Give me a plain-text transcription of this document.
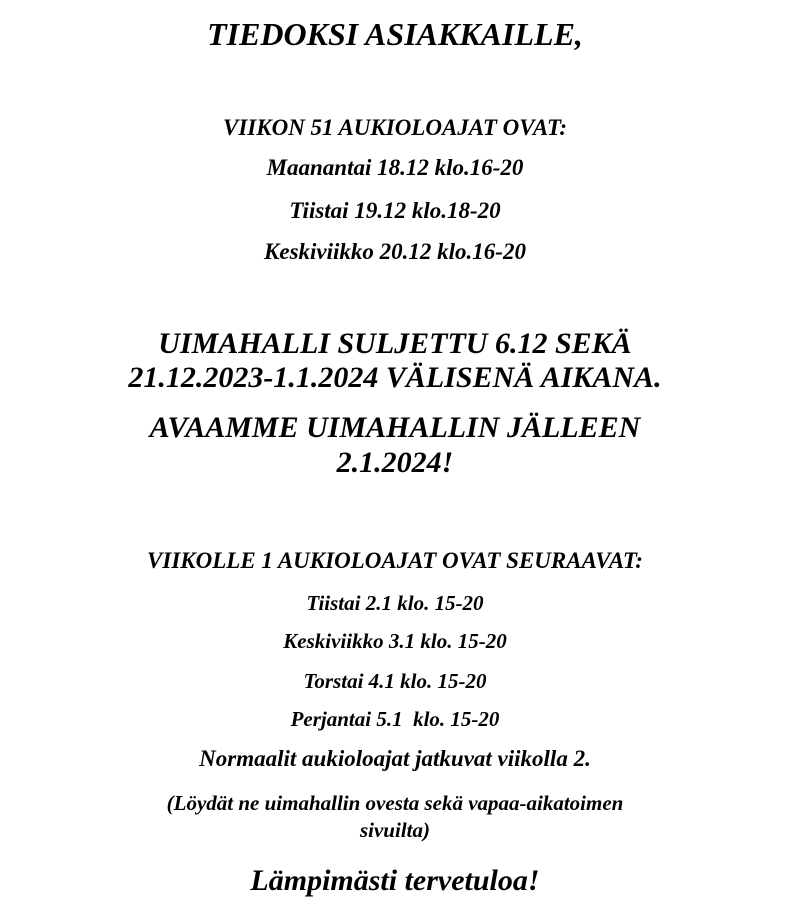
TIEDOKSI ASIAKKAILLE,
VIIKON 51 AUKIOLOAJAT OVAT:
Maanantai 18.12 klo.16-20
Tiistai 19.12 klo.18-20
Keskiviikko 20.12 klo.16-20
UIMAHALLI SULJETTU 6.12 SEKÄ
21.12.2023-1.1.2024 VÄLISENÄ AIKANA.
AVAAMME UIMAHALLIN JÄLLEEN
2.1.2024!
VIIKOLLE 1 AUKIOLOAJAT OVAT SEURAAVAT:
Tiistai 2.1 klo. 15-20
Keskiviikko 3.1 klo. 15-20
Torstai 4.1 klo. 15-20
Perjantai 5.1  klo. 15-20
Normaalit aukioloajat jatkuvat viikolla 2.
(Löydät ne uimahallin ovesta sekä vapaa-aikatoimen
sivuilta)
Lämpimästi tervetuloa!
